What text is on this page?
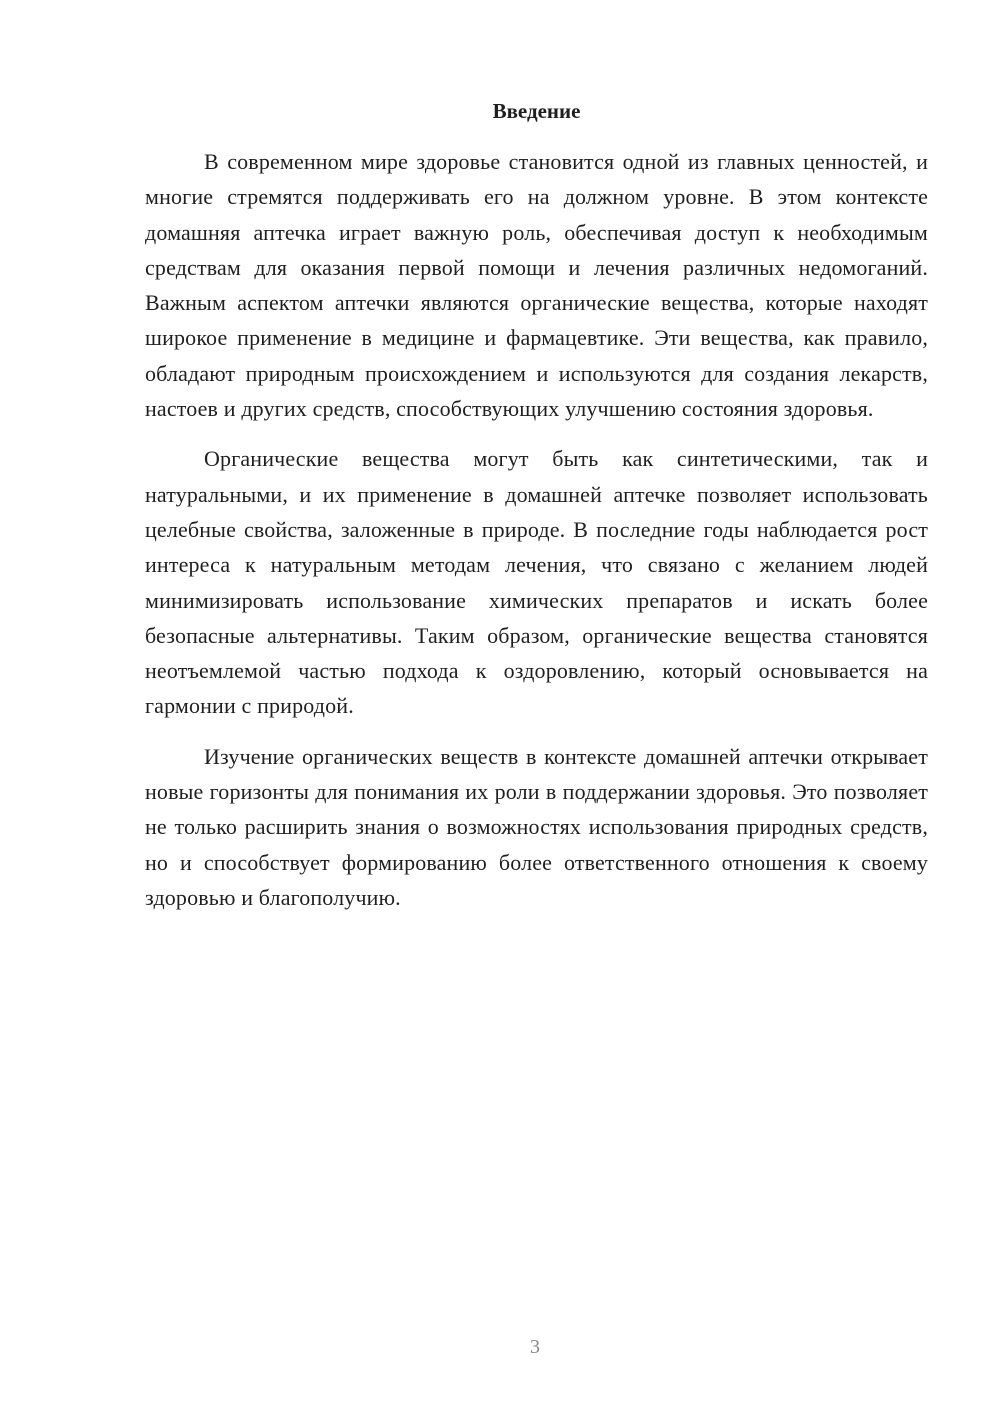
Введение

В современном мире здоровье становится одной из главных ценностей, и многие стремятся поддерживать его на должном уровне. В этом контексте домашняя аптечка играет важную роль, обеспечивая доступ к необходимым средствам для оказания первой помощи и лечения различных недомоганий. Важным аспектом аптечки являются органические вещества, которые находят широкое применение в медицине и фармацевтике. Эти вещества, как правило, обладают природным происхождением и используются для создания лекарств, настоев и других средств, способствующих улучшению состояния здоровья.

Органические вещества могут быть как синтетическими, так и натуральными, и их применение в домашней аптечке позволяет использовать целебные свойства, заложенные в природе. В последние годы наблюдается рост интереса к натуральным методам лечения, что связано с желанием людей минимизировать использование химических препаратов и искать более безопасные альтернативы. Таким образом, органические вещества становятся неотъемлемой частью подхода к оздоровлению, который основывается на гармонии с природой.

Изучение органических веществ в контексте домашней аптечки открывает новые горизонты для понимания их роли в поддержании здоровья. Это позволяет не только расширить знания о возможностях использования природных средств, но и способствует формированию более ответственного отношения к своему здоровью и благополучию.

3
